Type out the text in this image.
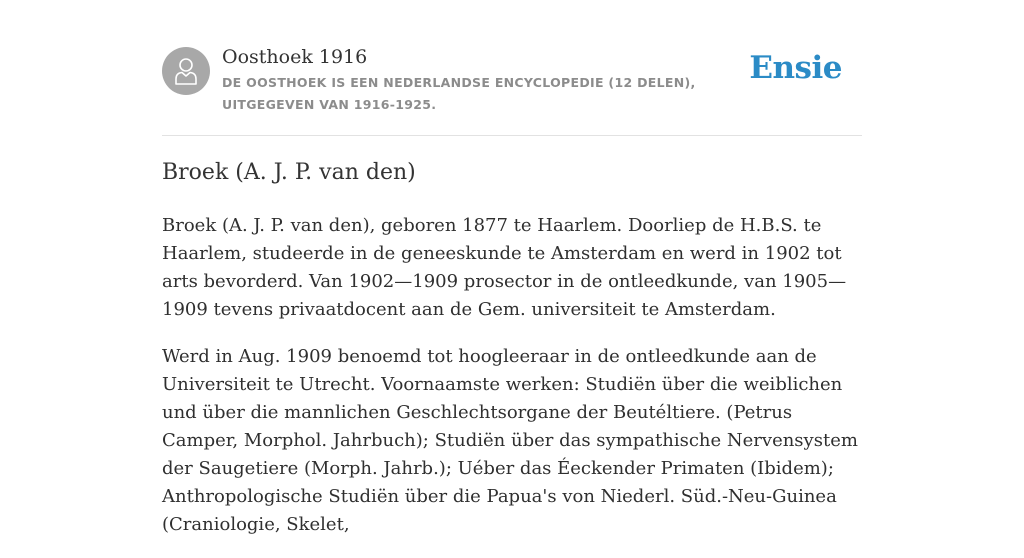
Oosthoek 1916
DE OOSTHOEK IS EEN NEDERLANDSE ENCYCLOPEDIE (12 DELEN), UITGEGEVEN VAN 1916-1925.
Ensie
Broek (A. J. P. van den)

Broek (A. J. P. van den), geboren 1877 te Haarlem. Doorliep de H.B.S. te Haarlem, studeerde in de geneeskunde te Amsterdam en werd in 1902 tot arts bevorderd. Van 1902—1909 prosector in de ontleedkunde, van 1905—1909 tevens privaatdocent aan de Gem. universiteit te Amsterdam.

Werd in Aug. 1909 benoemd tot hoogleeraar in de ontleedkunde aan de Universiteit te Utrecht. Voornaamste werken: Studiën über die weiblichen und über die mannlichen Geschlechtsorgane der Beutéltiere. (Petrus Camper, Morphol. Jahrbuch); Studiën über das sympathische Nervensystem der Saugetiere (Morph. Jahrb.); Uéber das Éeckender Primaten (Ibidem); Anthropologische Studiën über die Papua's von Niederl. Süd.-Neu-Guinea (Craniologie, Skelet,
